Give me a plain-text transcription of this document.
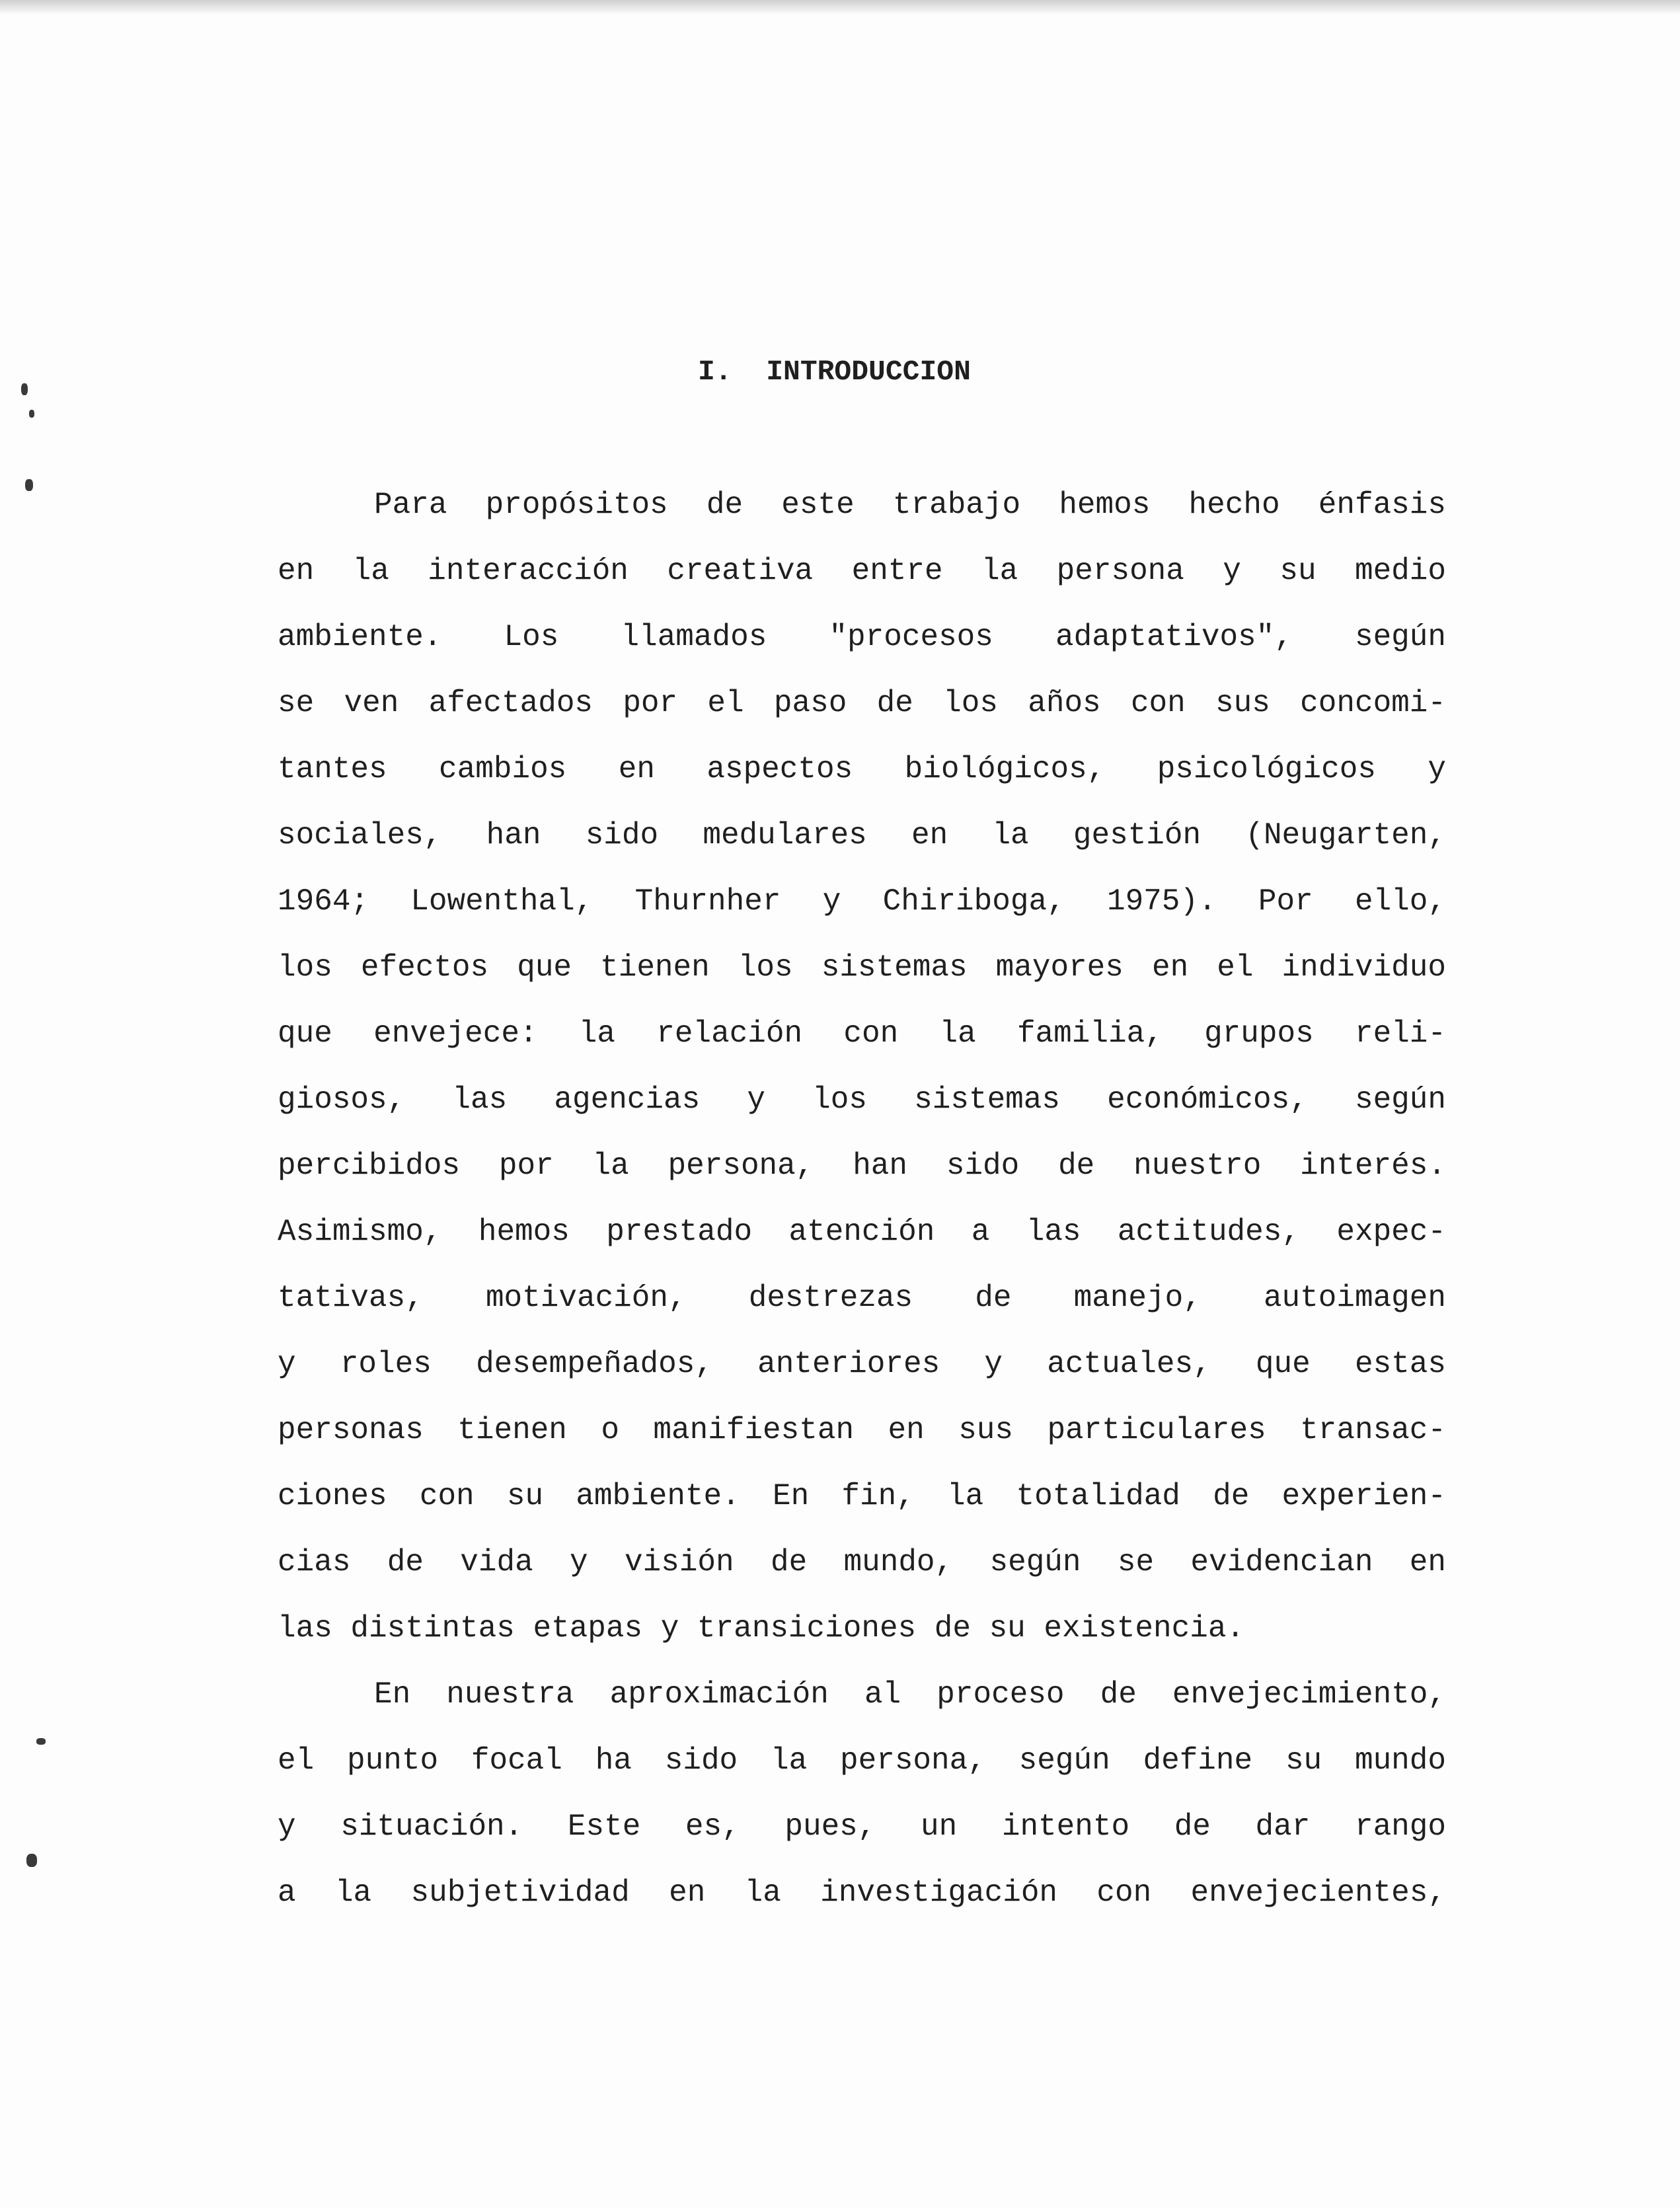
I.  INTRODUCCION
Para propósitos de este trabajo hemos hecho énfasis
en la interacción creativa entre la persona y su medio
ambiente. Los llamados "procesos adaptativos", según
se ven afectados por el paso de los años con sus concomi-
tantes cambios en aspectos biológicos, psicológicos y
sociales, han sido medulares en la gestión (Neugarten,
1964; Lowenthal, Thurnher y Chiriboga, 1975). Por ello,
los efectos que tienen los sistemas mayores en el individuo
que envejece: la relación con la familia, grupos reli-
giosos, las agencias y los sistemas económicos, según
percibidos por la persona, han sido de nuestro interés.
Asimismo, hemos prestado atención a las actitudes, expec-
tativas, motivación, destrezas de manejo, autoimagen
y roles desempeñados, anteriores y actuales, que estas
personas tienen o manifiestan en sus particulares transac-
ciones con su ambiente. En fin, la totalidad de experien-
cias de vida y visión de mundo, según se evidencian en
las distintas etapas y transiciones de su existencia.
En nuestra aproximación al proceso de envejecimiento,
el punto focal ha sido la persona, según define su mundo
y situación. Este es, pues, un intento de dar rango
a la subjetividad en la investigación con envejecientes,
